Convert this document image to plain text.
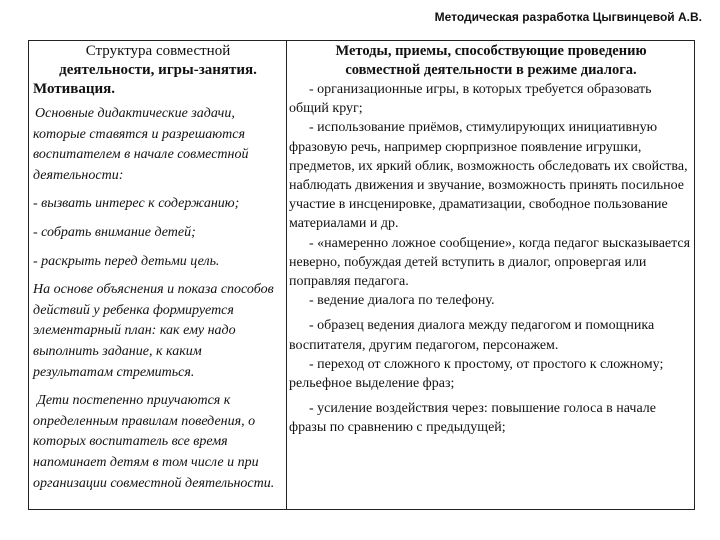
Методическая разработка Цыгвинцевой А.В.
Структура совместной
деятельности, игры-занятия.

Мотивация.

Основные дидактические задачи, которые ставятся и разрешаются воспитателем в начале совместной деятельности:

- вызвать интерес к содержанию;

- собрать внимание детей;

- раскрыть перед детьми цель.

На основе объяснения и показа способов действий у ребенка формируется элементарный план: как ему надо выполнить задание, к каким результатам стремиться.

Дети постепенно приучаются к определенным правилам поведения, о которых воспитатель все время напоминает детям в том числе и при организации совместной деятельности.

Методы, приемы, способствующие проведению
совместной деятельности в режиме диалога.

- организационные игры, в которых требуется образовать общий круг;

- использование приёмов, стимулирующих инициативную фразовую речь, например сюрпризное появление игрушки, предметов, их яркий облик, возможность обследовать их свойства, наблюдать движения и звучание, возможность принять посильное участие в инсценировке, драматизации, свободное пользование материалами и др.

- «намеренно ложное сообщение», когда педагог высказывается неверно, побуждая детей вступить в диалог, опровергая или поправляя педагога.

- ведение диалога по телефону.

- образец ведения диалога между педагогом и помощника воспитателя, другим педагогом, персонажем.

- переход от сложного к простому, от простого к сложному; рельефное выделение фраз;

- усиление воздействия через: повышение голоса в начале фразы по сравнению с предыдущей;
